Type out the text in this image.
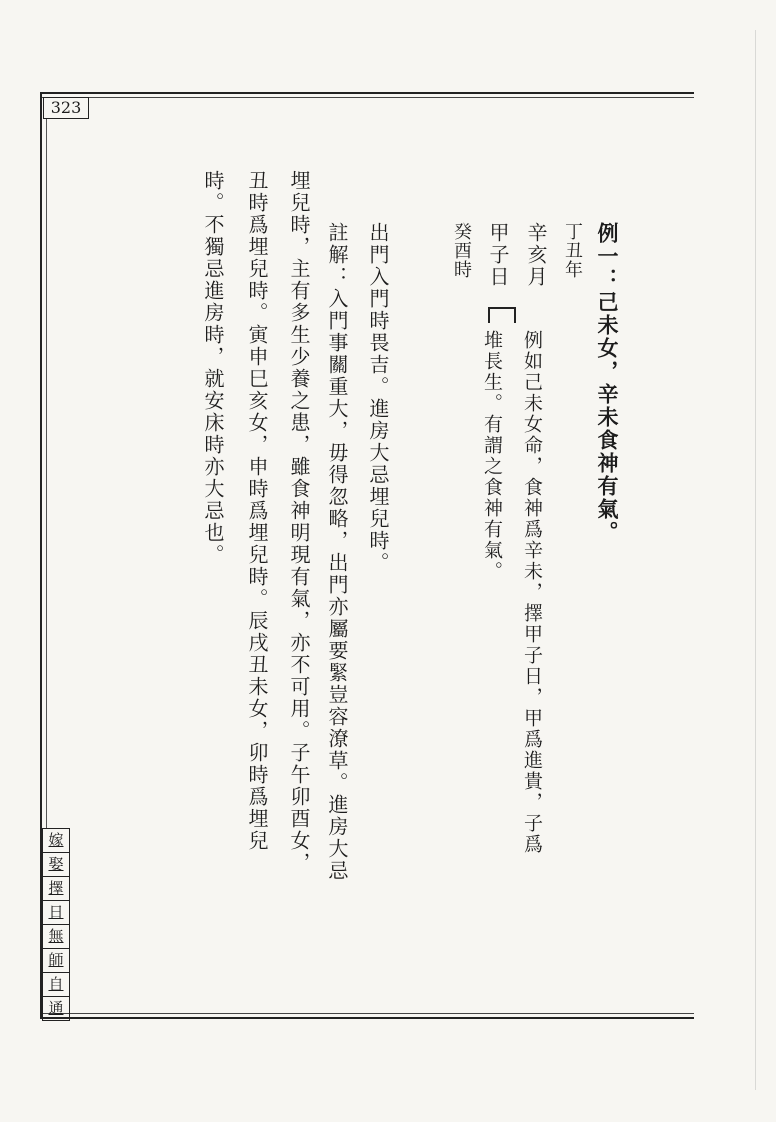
323
例一：己未女，辛未食神有氣。
丁丑年
辛亥月
例如己未女命，食神爲辛未，擇甲子日，甲爲進貴，子爲
甲子日
堆長生。有謂之食神有氣。
癸酉時
出門入門時畏吉。進房大忌埋兒時。
註解：入門事關重大，毋得忽略，出門亦屬要緊豈容潦草。進房大忌
埋兒時，主有多生少養之患，雖食神明現有氣，亦不可用。子午卯酉女，
丑時爲埋兒時。寅申巳亥女，申時爲埋兒時。辰戌丑未女，卯時爲埋兒
時。不獨忌進房時，就安床時亦大忌也。
嫁
娶
擇
日
無
師
自
通
